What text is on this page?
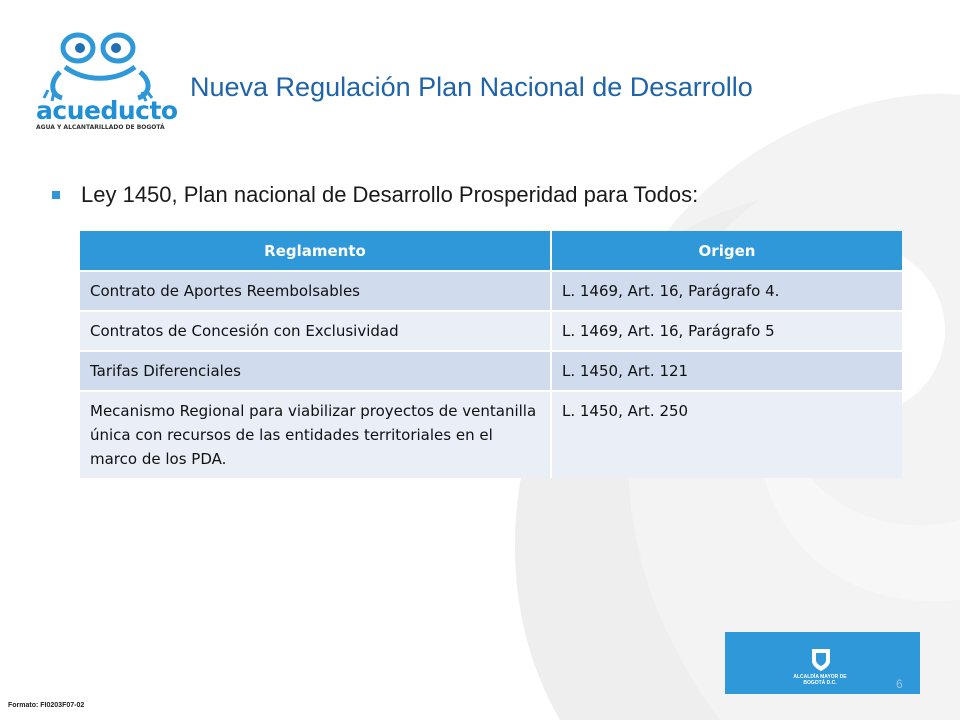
acueducto
AGUA Y ALCANTARILLADO DE BOGOTÁ
Nueva Regulación Plan Nacional de Desarrollo
Ley 1450, Plan nacional de Desarrollo Prosperidad para Todos:
Reglamento	Origen
Contrato de Aportes Reembolsables	L. 1469, Art. 16, Parágrafo 4.
Contratos de Concesión con Exclusividad	L. 1469, Art. 16, Parágrafo 5
Tarifas Diferenciales	L. 1450, Art. 121
Mecanismo Regional para viabilizar proyectos de ventanilla única con recursos de las entidades territoriales en el marco de los PDA.	L. 1450, Art. 250
ALCALDÍA MAYOR DE BOGOTÁ D.C.	6
Formato: FI0203F07-02
